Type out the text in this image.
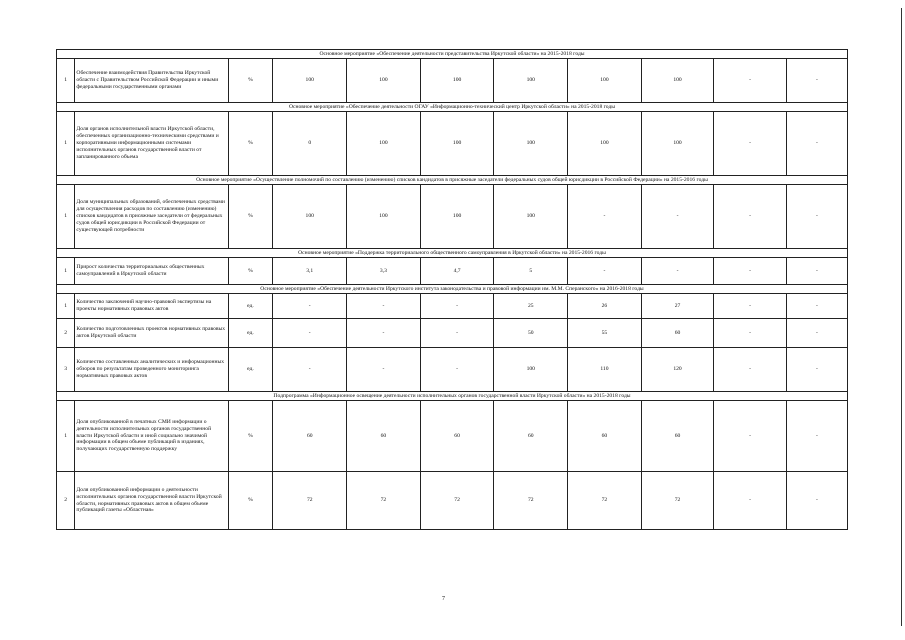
Основное мероприятие «Обеспечение деятельности представительства Иркутской области» на 2015-2018 годы										
1	Обеспечение взаимодействия Правительства Иркутской области с Правительством Российской Федерации и иными федеральными государственными органами	%	100	100	100	100	100	100	-	-
Основное мероприятие «Обеспечение деятельности ОГАУ «Информационно-технический центр Иркутской области» на 2015-2018 годы										
1	Доля органов исполнительной власти Иркутской области, обеспеченных организационно-техническими средствами и корпоративными информационными системами исполнительных органов государственной власти от запланированного объема	%	0	100	100	100	100	100	-	-
Основное мероприятие «Осуществление полномочий по составлению (изменению) списков кандидатов в присяжные заседатели федеральных судов общей юрисдикции в Российской Федерации» на 2015-2016 годы										
1	Доля муниципальных образований, обеспеченных средствами для осуществления расходов по составлению (изменению) списков кандидатов в присяжные заседатели от федеральных судов общей юрисдикции в Российской Федерации от существующей потребности	%	100	100	100	100	-	-	-	-
Основное мероприятие «Поддержка территориального общественного самоуправления в Иркутской области» на 2015-2016 годы										
1	Прирост количества территориальных общественных самоуправлений в Иркутской области	%	3,1	3,3	4,7	5	-	-	-	-
Основное мероприятие «Обеспечение деятельности Иркутского института законодательства и правовой информации им. М.М. Сперанского» на 2016-2018 годы										
1	Количество заключений научно-правовой экспертизы на проекты нормативных правовых актов	ед.	-	-	-	25	26	27	-	-
2	Количество подготовленных проектов нормативных правовых актов Иркутской области	ед.	-	-	-	50	55	60	-	-
3	Количество составленных аналитических и информационных обзоров по результатам проведенного мониторинга нормативных правовых актов	ед.	-	-	-	100	110	120	-	-
Подпрограмма «Информационное освещение деятельности исполнительных органов государственной власти Иркутской области» на 2015-2018 годы										
1	Доля опубликованной в печатных СМИ информации о деятельности исполнительных органов государственной власти Иркутской области и иной социально значимой информации в общем объеме публикаций в изданиях, получающих государственную поддержку	%	60	60	60	60	60	60	-	-
2	Доля опубликованной информации о деятельности исполнительных органов государственной власти Иркутской области, нормативных правовых актов в общем объеме публикаций газеты «Областная»	%	72	72	72	72	72	72	-	-
7
